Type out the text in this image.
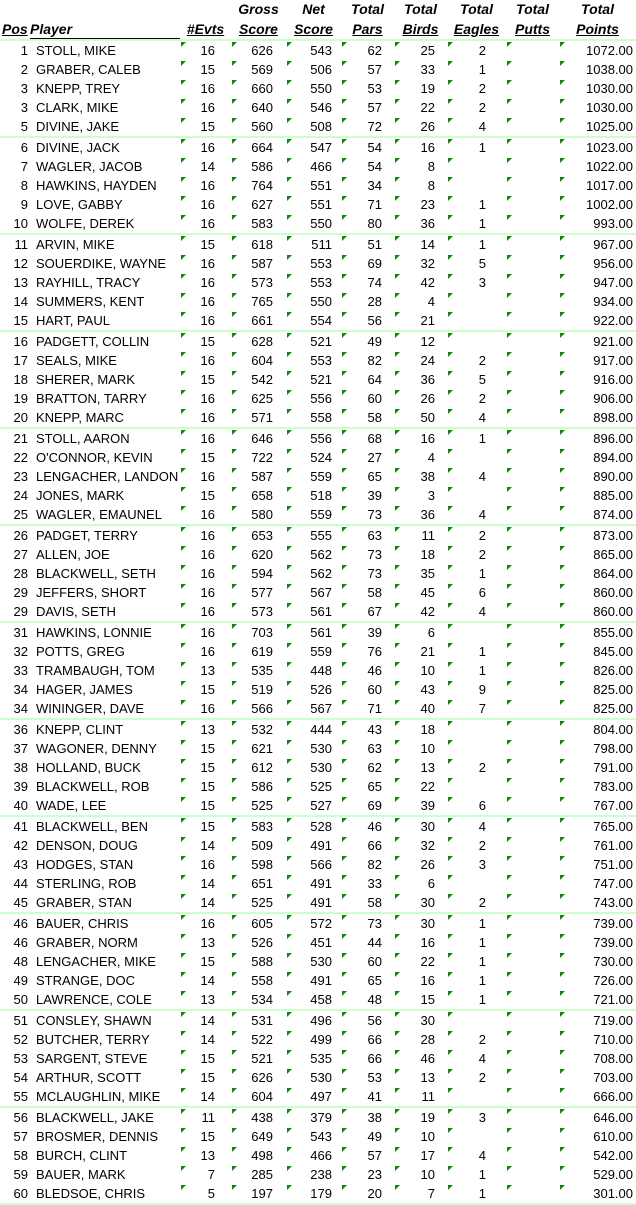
			Gross	Net	Total	Total	Total	Total	Total
Pos	Player	#Evts	Score	Score	Pars	Birds	Eagles	Putts	Points
1	STOLL, MIKE	16	626	543	62	25	2		1072.00
2	GRABER, CALEB	15	569	506	57	33	1		1038.00
3	KNEPP, TREY	16	660	550	53	19	2		1030.00
3	CLARK, MIKE	16	640	546	57	22	2		1030.00
5	DIVINE, JAKE	15	560	508	72	26	4		1025.00
6	DIVINE, JACK	16	664	547	54	16	1		1023.00
7	WAGLER, JACOB	14	586	466	54	8			1022.00
8	HAWKINS, HAYDEN	16	764	551	34	8			1017.00
9	LOVE, GABBY	16	627	551	71	23	1		1002.00
10	WOLFE, DEREK	16	583	550	80	36	1		993.00
11	ARVIN, MIKE	15	618	511	51	14	1		967.00
12	SOUERDIKE, WAYNE	16	587	553	69	32	5		956.00
13	RAYHILL, TRACY	16	573	553	74	42	3		947.00
14	SUMMERS, KENT	16	765	550	28	4			934.00
15	HART, PAUL	16	661	554	56	21			922.00
16	PADGETT, COLLIN	15	628	521	49	12			921.00
17	SEALS, MIKE	16	604	553	82	24	2		917.00
18	SHERER, MARK	15	542	521	64	36	5		916.00
19	BRATTON, TARRY	16	625	556	60	26	2		906.00
20	KNEPP, MARC	16	571	558	58	50	4		898.00
21	STOLL, AARON	16	646	556	68	16	1		896.00
22	O'CONNOR, KEVIN	15	722	524	27	4			894.00
23	LENGACHER, LANDON	16	587	559	65	38	4		890.00
24	JONES, MARK	15	658	518	39	3			885.00
25	WAGLER, EMAUNEL	16	580	559	73	36	4		874.00
26	PADGET, TERRY	16	653	555	63	11	2		873.00
27	ALLEN, JOE	16	620	562	73	18	2		865.00
28	BLACKWELL, SETH	16	594	562	73	35	1		864.00
29	JEFFERS, SHORT	16	577	567	58	45	6		860.00
29	DAVIS, SETH	16	573	561	67	42	4		860.00
31	HAWKINS, LONNIE	16	703	561	39	6			855.00
32	POTTS, GREG	16	619	559	76	21	1		845.00
33	TRAMBAUGH, TOM	13	535	448	46	10	1		826.00
34	HAGER, JAMES	15	519	526	60	43	9		825.00
34	WININGER, DAVE	16	566	567	71	40	7		825.00
36	KNEPP, CLINT	13	532	444	43	18			804.00
37	WAGONER, DENNY	15	621	530	63	10			798.00
38	HOLLAND, BUCK	15	612	530	62	13	2		791.00
39	BLACKWELL, ROB	15	586	525	65	22			783.00
40	WADE, LEE	15	525	527	69	39	6		767.00
41	BLACKWELL, BEN	15	583	528	46	30	4		765.00
42	DENSON, DOUG	14	509	491	66	32	2		761.00
43	HODGES, STAN	16	598	566	82	26	3		751.00
44	STERLING, ROB	14	651	491	33	6			747.00
45	GRABER, STAN	14	525	491	58	30	2		743.00
46	BAUER, CHRIS	16	605	572	73	30	1		739.00
46	GRABER, NORM	13	526	451	44	16	1		739.00
48	LENGACHER, MIKE	15	588	530	60	22	1		730.00
49	STRANGE, DOC	14	558	491	65	16	1		726.00
50	LAWRENCE, COLE	13	534	458	48	15	1		721.00
51	CONSLEY, SHAWN	14	531	496	56	30			719.00
52	BUTCHER, TERRY	14	522	499	66	28	2		710.00
53	SARGENT, STEVE	15	521	535	66	46	4		708.00
54	ARTHUR, SCOTT	15	626	530	53	13	2		703.00
55	MCLAUGHLIN, MIKE	14	604	497	41	11			666.00
56	BLACKWELL, JAKE	11	438	379	38	19	3		646.00
57	BROSMER, DENNIS	15	649	543	49	10			610.00
58	BURCH, CLINT	13	498	466	57	17	4		542.00
59	BAUER, MARK	7	285	238	23	10	1		529.00
60	BLEDSOE, CHRIS	5	197	179	20	7	1		301.00
